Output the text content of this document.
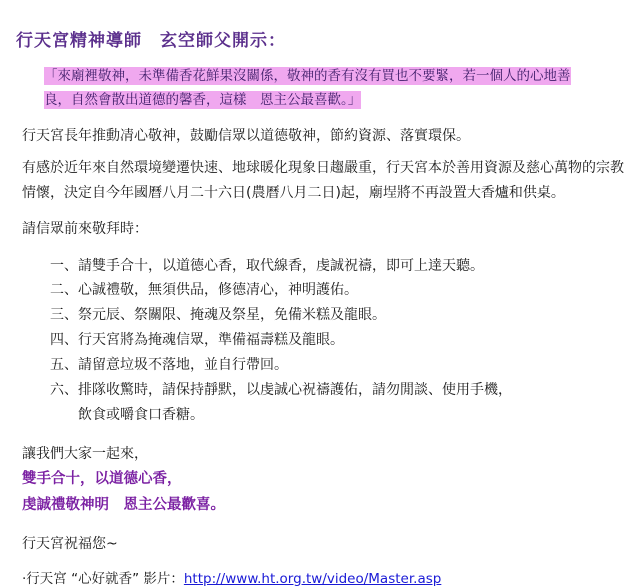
行天宮精神導師　玄空師父開示：
「來廟裡敬神，未準備香花鮮果沒關係，敬神的香有沒有買也不要緊，若一個人的心地善
良，自然會散出道德的馨香，這樣　恩主公最喜歡。」
行天宮長年推動凊心敬神，鼓勵信眾以道德敬神，節約資源、落實環保。
有感於近年來自然環境變遷快速、地球暖化現象日趨嚴重，行天宮本於善用資源及慈心萬物的宗教情懷，決定自今年國曆八月二十六日(農曆八月二日)起，廟埕將不再設置大香爐和供桌。
請信眾前來敬拜時：
一、請雙手合十，以道德心香，取代線香，虔誠祝禱，即可上達天聽。
二、心誠禮敬，無須供品，修德凊心，神明護佑。
三、祭元辰、祭關限、掩魂及祭星，免備米糕及龍眼。
四、行天宮將為掩魂信眾，準備福壽糕及龍眼。
五、請留意垃圾不落地，並自行帶回。
六、排隊收驚時，請保持靜默，以虔誠心祝禱護佑，請勿閒談、使用手機，
飲食或嚼食口香糖。
讓我們大家一起來，
雙手合十，以道德心香，
虔誠禮敬神明　恩主公最歡喜。
行天宮祝福您~
‧行天宮 “心好就香” 影片：http://www.ht.org.tw/video/Master.asp
